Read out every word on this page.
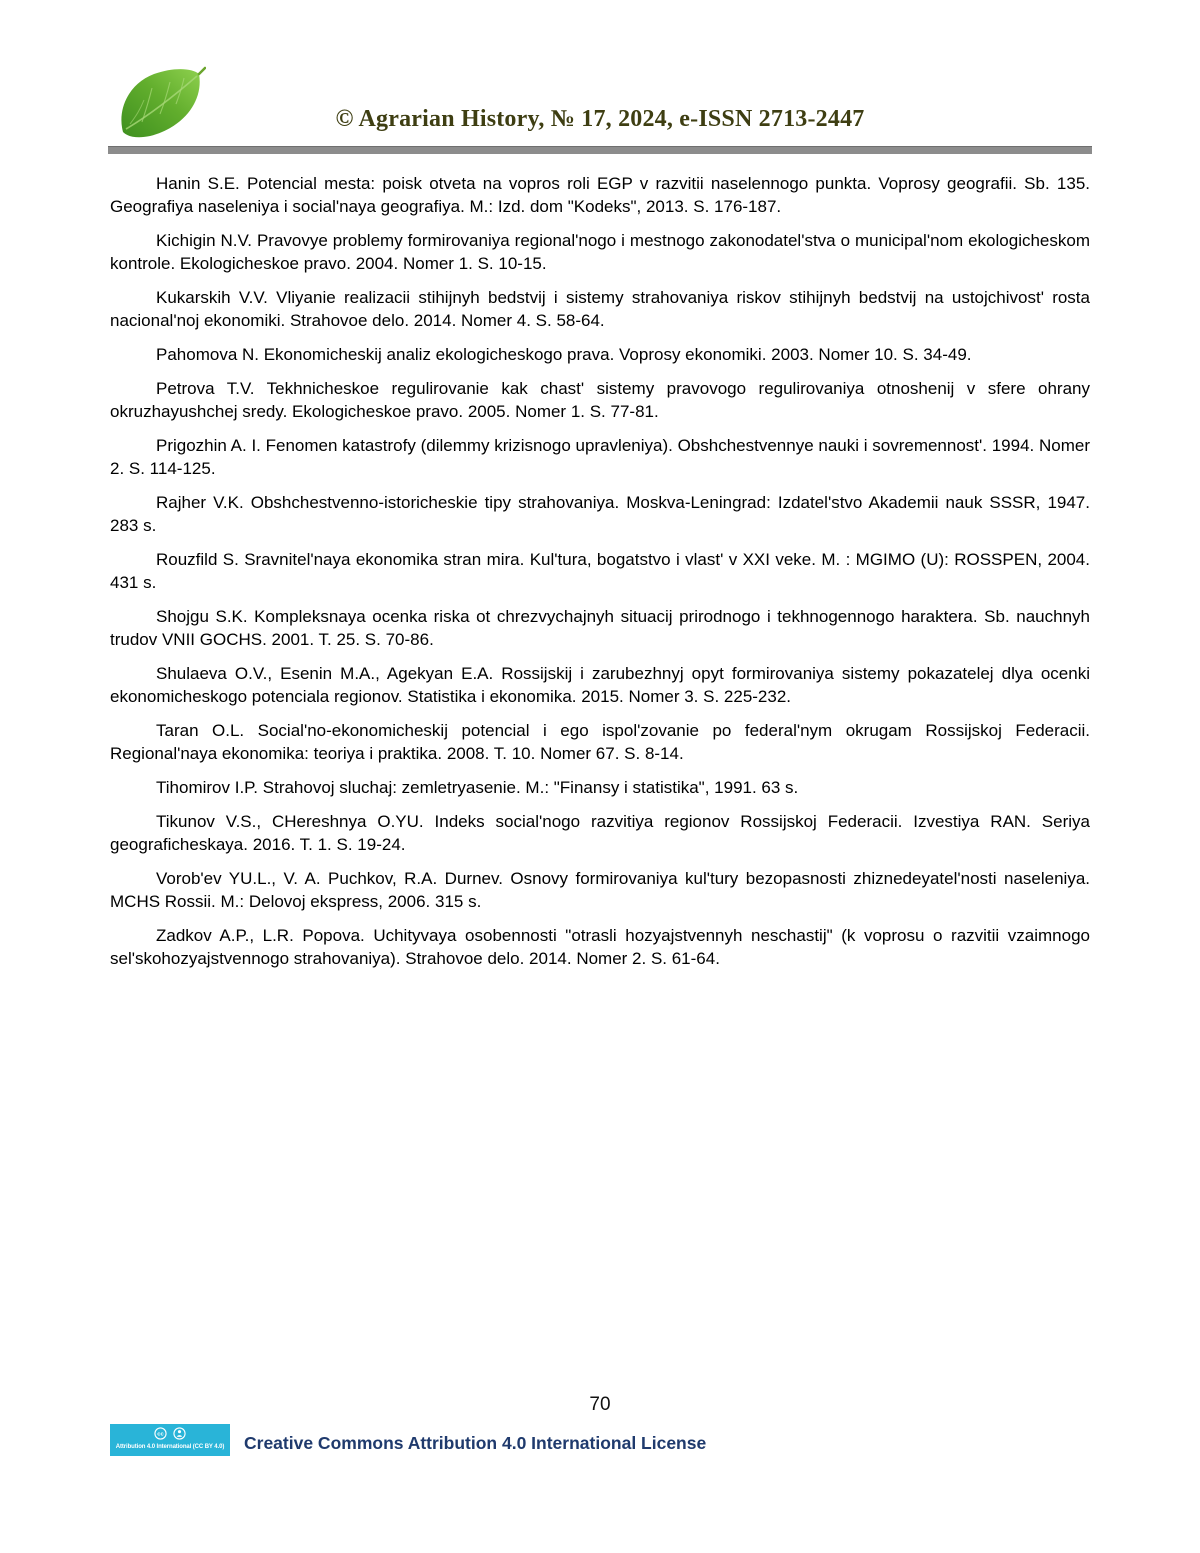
© Agrarian History, № 17, 2024, e-ISSN 2713-2447

Hanin S.E. Potencial mesta: poisk otveta na vopros roli EGP v razvitii naselennogo punkta. Voprosy geografii. Sb. 135. Geografiya naseleniya i social'naya geografiya. M.: Izd. dom "Kodeks", 2013. S. 176-187.

Kichigin N.V. Pravovye problemy formirovaniya regional'nogo i mestnogo zakonodatel'stva o municipal'nom ekologicheskom kontrole. Ekologicheskoe pravo. 2004. Nomer 1. S. 10-15.

Kukarskih V.V. Vliyanie realizacii stihijnyh bedstvij i sistemy strahovaniya riskov stihijnyh bedstvij na ustojchivost' rosta nacional'noj ekonomiki. Strahovoe delo. 2014. Nomer 4. S. 58-64.

Pahomova N. Ekonomicheskij analiz ekologicheskogo prava. Voprosy ekonomiki. 2003. Nomer 10. S. 34-49.

Petrova T.V. Tekhnicheskoe regulirovanie kak chast' sistemy pravovogo regulirovaniya otnoshenij v sfere ohrany okruzhayushchej sredy. Ekologicheskoe pravo. 2005. Nomer 1. S. 77-81.

Prigozhin A. I. Fenomen katastrofy (dilemmy krizisnogo upravleniya). Obshchestvennye nauki i sovremennost'. 1994. Nomer 2. S. 114-125.

Rajher V.K. Obshchestvenno-istoricheskie tipy strahovaniya. Moskva-Leningrad: Izdatel'stvo Akademii nauk SSSR, 1947. 283 s.

Rouzfild S. Sravnitel'naya ekonomika stran mira. Kul'tura, bogatstvo i vlast' v XXI veke. M. : MGIMO (U): ROSSPEN, 2004. 431 s.

Shojgu S.K. Kompleksnaya ocenka riska ot chrezvychajnyh situacij prirodnogo i tekhnogennogo haraktera. Sb. nauchnyh trudov VNII GOCHS. 2001. T. 25. S. 70-86.

Shulaeva O.V., Esenin M.A., Agekyan E.A. Rossijskij i zarubezhnyj opyt formirovaniya sistemy pokazatelej dlya ocenki ekonomicheskogo potenciala regionov. Statistika i ekonomika. 2015. Nomer 3. S. 225-232.

Taran O.L. Social'no-ekonomicheskij potencial i ego ispol'zovanie po federal'nym okrugam Rossijskoj Federacii. Regional'naya ekonomika: teoriya i praktika. 2008. T. 10. Nomer 67. S. 8-14.

Tihomirov I.P. Strahovoj sluchaj: zemletryasenie. M.: "Finansy i statistika", 1991. 63 s.

Tikunov V.S., CHereshnya O.YU. Indeks social'nogo razvitiya regionov Rossijskoj Federacii. Izvestiya RAN. Seriya geograficheskaya. 2016. T. 1. S. 19-24.

Vorob'ev YU.L., V. A. Puchkov, R.A. Durnev. Osnovy formirovaniya kul'tury bezopasnosti zhiznedeyatel'nosti naseleniya. MCHS Rossii. M.: Delovoj ekspress, 2006. 315 s.

Zadkov A.P., L.R. Popova. Uchityvaya osobennosti "otrasli hozyajstvennyh neschastij" (k voprosu o razvitii vzaimnogo sel'skohozyajstvennogo strahovaniya). Strahovoe delo. 2014. Nomer 2. S. 61-64.

70
cc

Attribution 4.0 International (CC BY 4.0)	Creative Commons Attribution 4.0 International License
